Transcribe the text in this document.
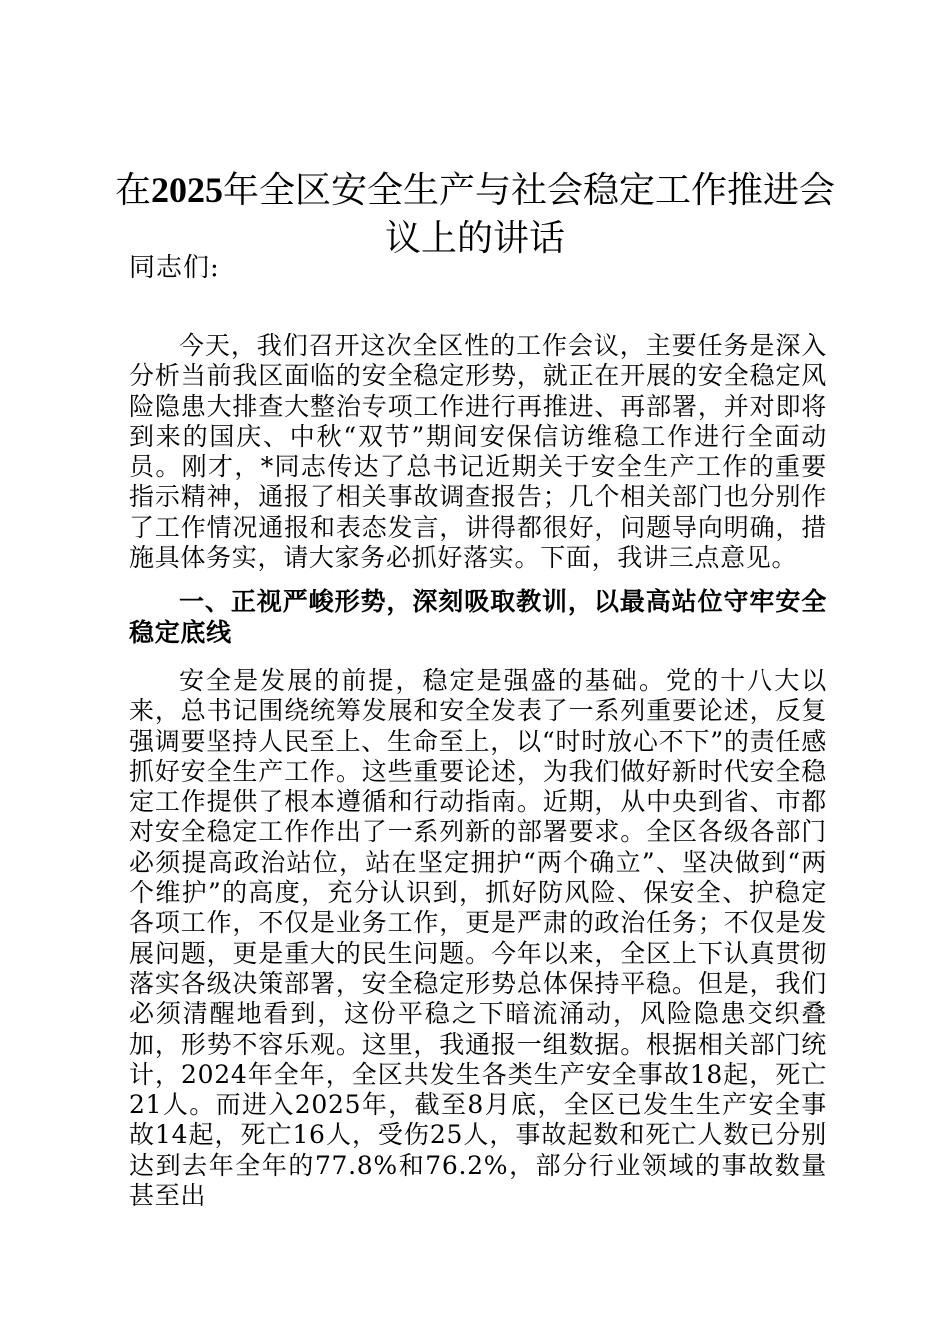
在2025年全区安全生产与社会稳定工作推进会议上的讲话

同志们:

今天，我们召开这次全区性的工作会议，主要任务是深入分析当前我区面临的安全稳定形势，就正在开展的安全稳定风险隐患大排查大整治专项工作进行再推进、再部署，并对即将到来的国庆、中秋“双节”期间安保信访维稳工作进行全面动员。刚才，*同志传达了总书记近期关于安全生产工作的重要指示精神，通报了相关事故调查报告；几个相关部门也分别作了工作情况通报和表态发言，讲得都很好，问题导向明确，措施具体务实，请大家务必抓好落实。下面，我讲三点意见。

一、正视严峻形势，深刻吸取教训，以最高站位守牢安全稳定底线

安全是发展的前提，稳定是强盛的基础。党的十八大以来，总书记围绕统筹发展和安全发表了一系列重要论述，反复强调要坚持人民至上、生命至上，以“时时放心不下”的责任感抓好安全生产工作。这些重要论述，为我们做好新时代安全稳定工作提供了根本遵循和行动指南。近期，从中央到省、市都对安全稳定工作作出了一系列新的部署要求。全区各级各部门必须提高政治站位，站在坚定拥护“两个确立”、坚决做到“两个维护”的高度，充分认识到，抓好防风险、保安全、护稳定各项工作，不仅是业务工作，更是严肃的政治任务；不仅是发展问题，更是重大的民生问题。今年以来，全区上下认真贯彻落实各级决策部署，安全稳定形势总体保持平稳。但是，我们必须清醒地看到，这份平稳之下暗流涌动，风险隐患交织叠加，形势不容乐观。这里，我通报一组数据。根据相关部门统计，2024年全年，全区共发生各类生产安全事故18起，死亡21人。而进入2025年，截至8月底，全区已发生生产安全事故14起，死亡16人，受伤25人，事故起数和死亡人数已分别达到去年全年的77.8%和76.2%，部分行业领域的事故数量甚至出
